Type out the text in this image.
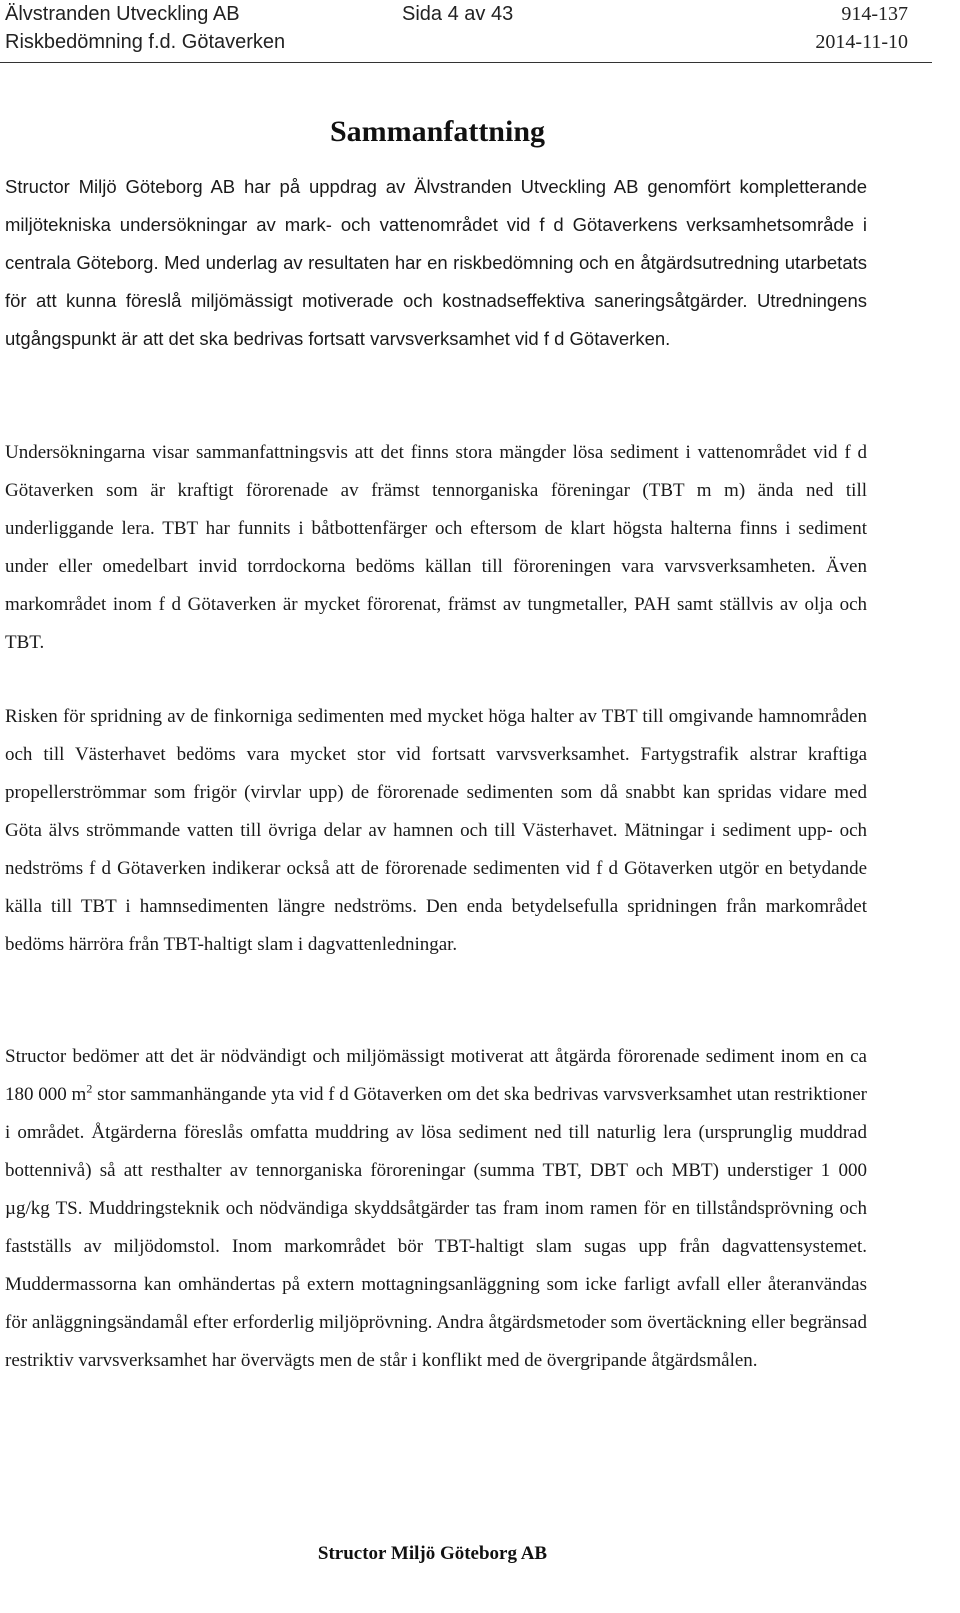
Älvstranden Utveckling AB	Sida 4 av 43	914-137
Riskbedömning f.d. Götaverken	2014-11-10
Sammanfattning

Structor Miljö Göteborg AB har på uppdrag av Älvstranden Utveckling AB genomfört kompletterande miljötekniska undersökningar av mark- och vattenområdet vid f d Götaverkens verksamhetsområde i centrala Göteborg. Med underlag av resultaten har en riskbedömning och en åtgärdsutredning utarbetats för att kunna föreslå miljömässigt motiverade och kostnadseffektiva saneringsåtgärder. Utredningens utgångspunkt är att det ska bedrivas fortsatt varvsverksamhet vid f d Götaverken.

Undersökningarna visar sammanfattningsvis att det finns stora mängder lösa sediment i vattenområdet vid f d Götaverken som är kraftigt förorenade av främst tennorganiska föreningar (TBT m m) ända ned till underliggande lera. TBT har funnits i båtbottenfärger och eftersom de klart högsta halterna finns i sediment under eller omedelbart invid torrdockorna bedöms källan till föroreningen vara varvsverksamheten. Även markområdet inom f d Götaverken är mycket förorenat, främst av tungmetaller, PAH samt ställvis av olja och TBT.

Risken för spridning av de finkorniga sedimenten med mycket höga halter av TBT till omgivande hamnområden och till Västerhavet bedöms vara mycket stor vid fortsatt varvsverksamhet. Fartygstrafik alstrar kraftiga propellerströmmar som frigör (virvlar upp) de förorenade sedimenten som då snabbt kan spridas vidare med Göta älvs strömmande vatten till övriga delar av hamnen och till Västerhavet. Mätningar i sediment upp- och nedströms f d Götaverken indikerar också att de förorenade sedimenten vid f d Götaverken utgör en betydande källa till TBT i hamnsedimenten längre nedströms. Den enda betydelsefulla spridningen från markområdet bedöms härröra från TBT-haltigt slam i dagvattenledningar.

Structor bedömer att det är nödvändigt och miljömässigt motiverat att åtgärda förorenade sediment inom en ca 180 000 $m^2$ stor sammanhängande yta vid f d Götaverken om det ska bedrivas varvsverksamhet utan restriktioner i området. Åtgärderna föreslås omfatta muddring av lösa sediment ned till naturlig lera (ursprunglig muddrad bottennivå) så att resthalter av tennorganiska föroreningar (summa TBT, DBT och MBT) understiger 1 000 µg/kg TS. Muddringsteknik och nödvändiga skyddsåtgärder tas fram inom ramen för en tillståndsprövning och fastställs av miljödomstol. Inom markområdet bör TBT-haltigt slam sugas upp från dagvattensystemet. Muddermassorna kan omhändertas på extern mottagningsanläggning som icke farligt avfall eller återanvändas för anläggningsändamål efter erforderlig miljöprövning. Andra åtgärdsmetoder som övertäckning eller begränsad restriktiv varvsverksamhet har övervägts men de står i konflikt med de övergripande åtgärdsmålen.

Structor Miljö Göteborg AB
